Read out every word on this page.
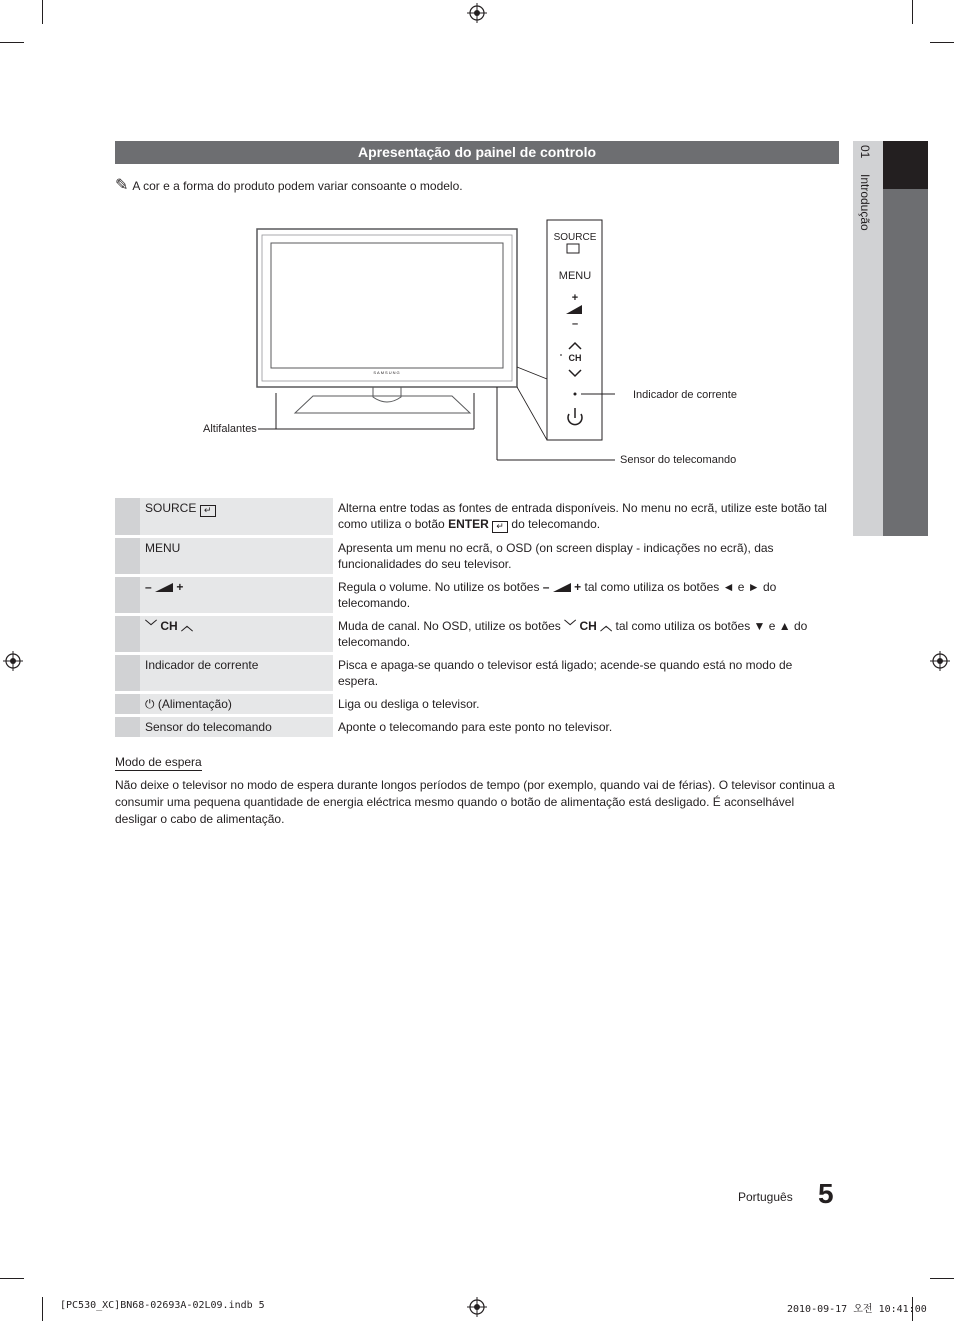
01 Introdução
Apresentação do painel de controlo
✎ A cor e a forma do produto podem variar consoante o modelo.
SAMSUNG
SOURCE
MENU
+
–
CH
Altifalantes
Indicador de corrente
Sensor do telecomando
SOURCE ↵	Alterna entre todas as fontes de entrada disponíveis. No menu no ecrã, utilize este botão tal como utiliza o botão ENTER ↵ do telecomando.
MENU	Apresenta um menu no ecrã, o OSD (on screen display - indicações no ecrã), das funcionalidades do seu televisor.
–  +	Regula o volume. No utilize os botões – + tal como utiliza os botões ◄ e ► do telecomando.
﹀ CH ︿	Muda de canal. No OSD, utilize os botões ﹀ CH ︿ tal como utiliza os botões ▼ e ▲ do telecomando.
Indicador de corrente	Pisca e apaga-se quando o televisor está ligado; acende-se quando está no modo de espera.
⏻ (Alimentação)	Liga ou desliga o televisor.
Sensor do telecomando	Aponte o telecomando para este ponto no televisor.
Modo de espera
Não deixe o televisor no modo de espera durante longos períodos de tempo (por exemplo, quando vai de férias). O televisor continua a consumir uma pequena quantidade de energia eléctrica mesmo quando o botão de alimentação está desligado. É aconselhável desligar o cabo de alimentação.
Português 5
[PC530_XC]BN68-02693A-02L09.indb 5	2010-09-17 오전 10:41:00
